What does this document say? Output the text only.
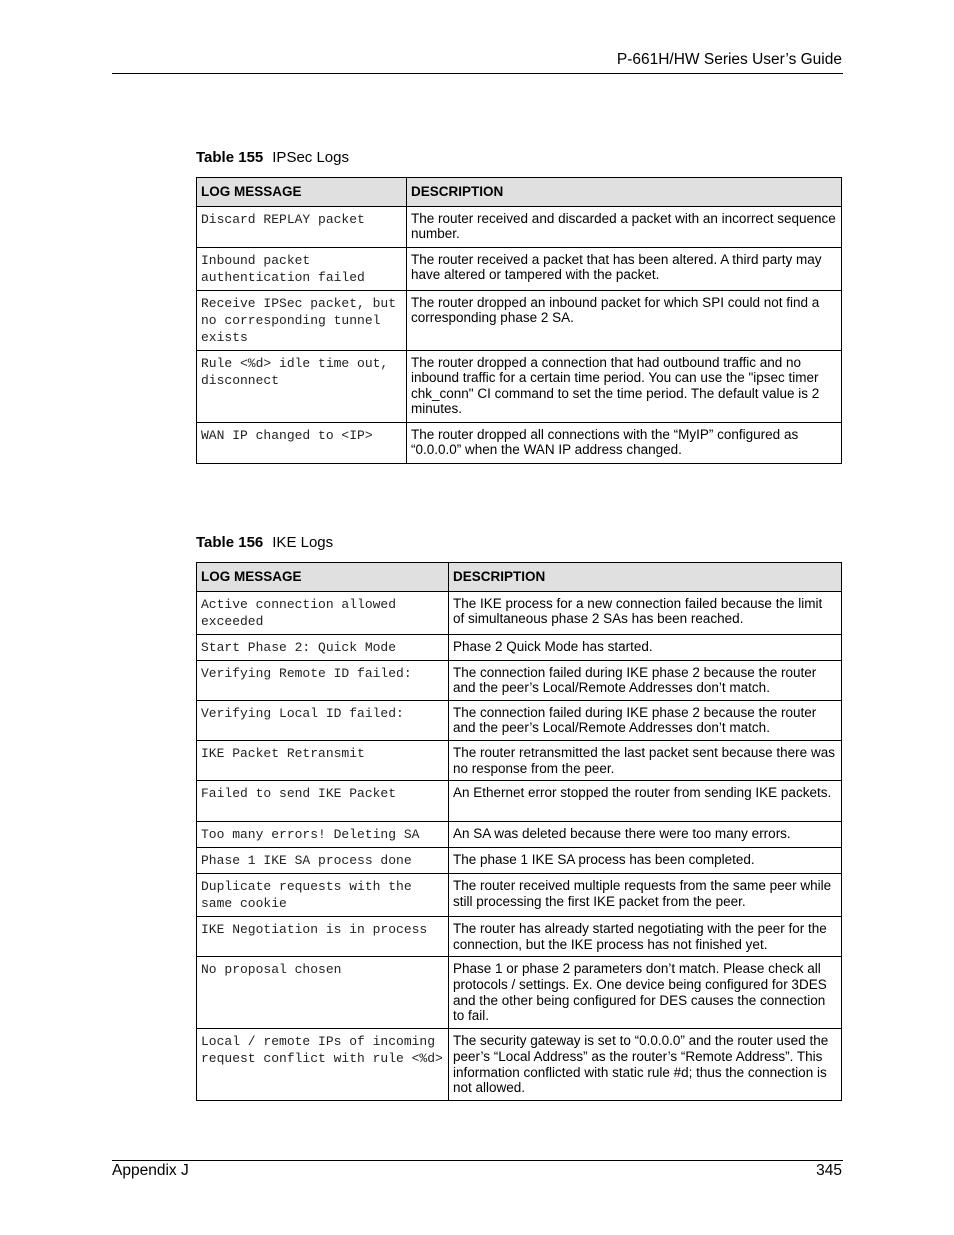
P-661H/HW Series User’s Guide
Table 155 IPSec Logs
LOG MESSAGE	DESCRIPTION
Discard REPLAY packet	The router received and discarded a packet with an incorrect sequence number.
Inbound packet authentication failed	The router received a packet that has been altered. A third party may have altered or tampered with the packet.
Receive IPSec packet, but no corresponding tunnel exists	The router dropped an inbound packet for which SPI could not find a corresponding phase 2 SA.
Rule <%d> idle time out, disconnect	The router dropped a connection that had outbound traffic and no inbound traffic for a certain time period. You can use the "ipsec timer chk_conn" CI command to set the time period. The default value is 2 minutes.
WAN IP changed to <IP>	The router dropped all connections with the “MyIP” configured as “0.0.0.0” when the WAN IP address changed.
Table 156 IKE Logs
LOG MESSAGE	DESCRIPTION
Active connection allowed exceeded	The IKE process for a new connection failed because the limit of simultaneous phase 2 SAs has been reached.
Start Phase 2: Quick Mode	Phase 2 Quick Mode has started.
Verifying Remote ID failed:	The connection failed during IKE phase 2 because the router and the peer’s Local/Remote Addresses don’t match.
Verifying Local ID failed:	The connection failed during IKE phase 2 because the router and the peer’s Local/Remote Addresses don’t match.
IKE Packet Retransmit	The router retransmitted the last packet sent because there was no response from the peer.
Failed to send IKE Packet	An Ethernet error stopped the router from sending IKE packets.
Too many errors! Deleting SA	An SA was deleted because there were too many errors.
Phase 1 IKE SA process done	The phase 1 IKE SA process has been completed.
Duplicate requests with the same cookie	The router received multiple requests from the same peer while still processing the first IKE packet from the peer.
IKE Negotiation is in process	The router has already started negotiating with the peer for the connection, but the IKE process has not finished yet.
No proposal chosen	Phase 1 or phase 2 parameters don’t match. Please check all protocols / settings. Ex. One device being configured for 3DES and the other being configured for DES causes the connection to fail.
Local / remote IPs of incoming request conflict with rule <%d>	The security gateway is set to “0.0.0.0” and the router used the peer’s “Local Address” as the router’s “Remote Address”. This information conflicted with static rule #d; thus the connection is not allowed.
Appendix J	345
